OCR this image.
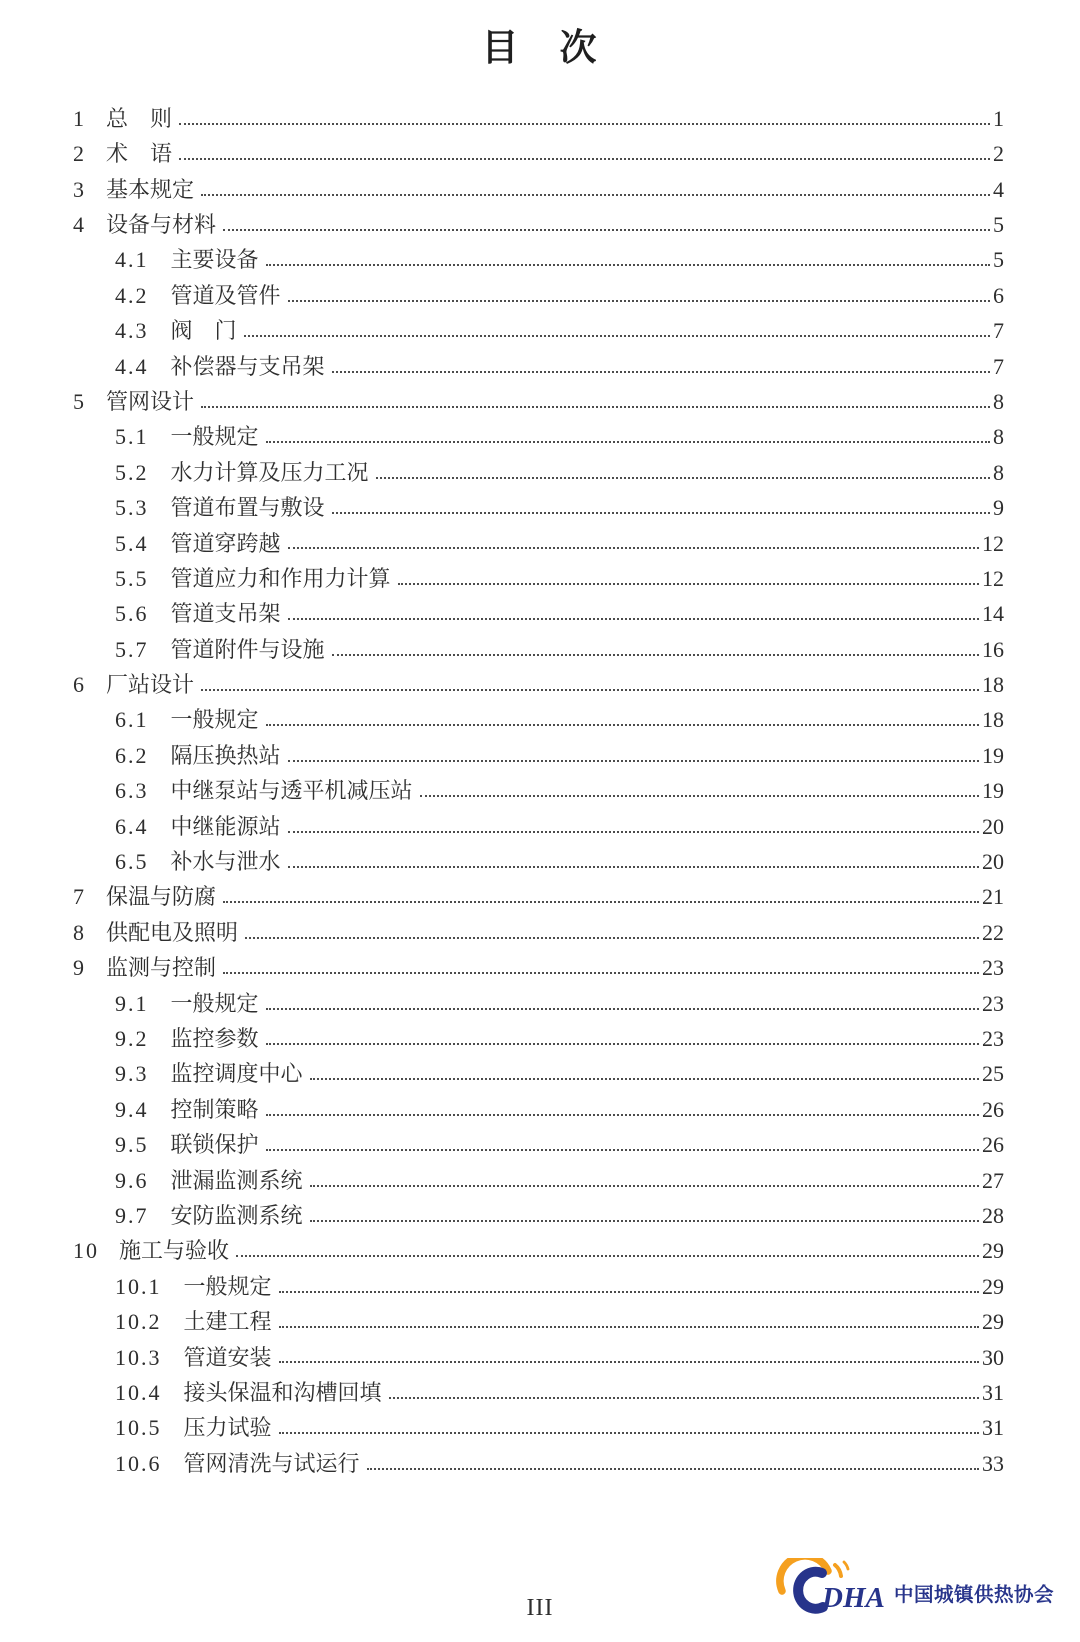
目　次
1 总　则	1
2 术　语	2
3 基本规定	4
4 设备与材料	5
4.1 主要设备	5
4.2 管道及管件	6
4.3 阀　门	7
4.4 补偿器与支吊架	7
5 管网设计	8
5.1 一般规定	8
5.2 水力计算及压力工况	8
5.3 管道布置与敷设	9
5.4 管道穿跨越	12
5.5 管道应力和作用力计算	12
5.6 管道支吊架	14
5.7 管道附件与设施	16
6 厂站设计	18
6.1 一般规定	18
6.2 隔压换热站	19
6.3 中继泵站与透平机减压站	19
6.4 中继能源站	20
6.5 补水与泄水	20
7 保温与防腐	21
8 供配电及照明	22
9 监测与控制	23
9.1 一般规定	23
9.2 监控参数	23
9.3 监控调度中心	25
9.4 控制策略	26
9.5 联锁保护	26
9.6 泄漏监测系统	27
9.7 安防监测系统	28
10 施工与验收	29
10.1 一般规定	29
10.2 土建工程	29
10.3 管道安装	30
10.4 接头保温和沟槽回填	31
10.5 压力试验	31
10.6 管网清洗与试运行	33
III	DHA 中国城镇供热协会
